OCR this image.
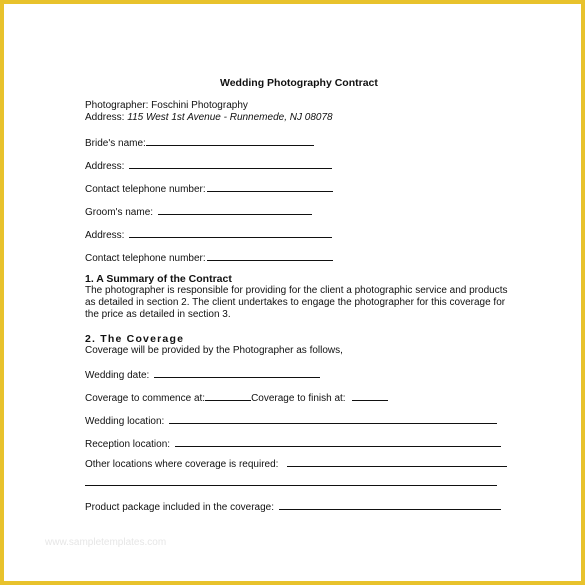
Wedding Photography Contract
Photographer: Foschini Photography
Address: 115 West 1st Avenue - Runnemede, NJ 08078
Bride's name:
Address:
Contact telephone number:
Groom's name:
Address:
Contact telephone number:
1. A Summary of the Contract
The photographer is responsible for providing for the client a photographic service and products as detailed in section 2. The client undertakes to engage the photographer for this coverage for the price as detailed in section 3.
2. The Coverage
Coverage will be provided by the Photographer as follows,
Wedding date:
Coverage to commence at:	Coverage to finish at:
Wedding location:
Reception location:
Other locations where coverage is required:
Product package included in the coverage:
www.sampletemplates.com
